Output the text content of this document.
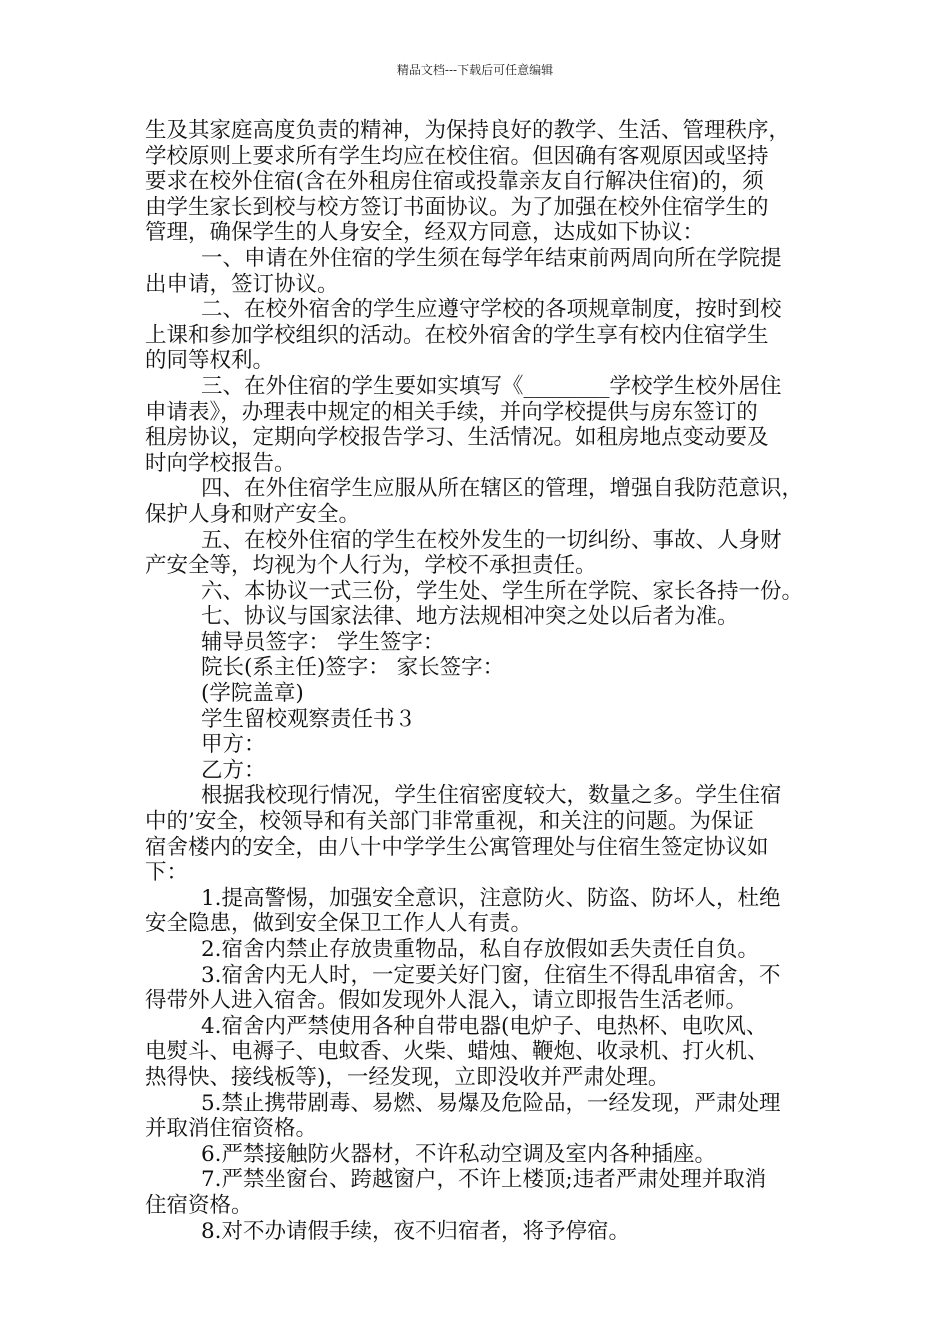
精品文档---下载后可任意编辑
生及其家庭高度负责的精神，为保持良好的教学、生活、管理秩序，
学校原则上要求所有学生均应在校住宿。但因确有客观原因或坚持
要求在校外住宿(含在外租房住宿或投靠亲友自行解决住宿)的，须
由学生家长到校与校方签订书面协议。为了加强在校外住宿学生的
管理，确保学生的人身安全，经双方同意，达成如下协议：
一、申请在外住宿的学生须在每学年结束前两周向所在学院提
出申请，签订协议。
二、在校外宿舍的学生应遵守学校的各项规章制度，按时到校
上课和参加学校组织的活动。在校外宿舍的学生享有校内住宿学生
的同等权利。
三、在外住宿的学生要如实填写《________学校学生校外居住
申请表》，办理表中规定的相关手续，并向学校提供与房东签订的
租房协议，定期向学校报告学习、生活情况。如租房地点变动要及
时向学校报告。
四、在外住宿学生应服从所在辖区的管理，增强自我防范意识，
保护人身和财产安全。
五、在校外住宿的学生在校外发生的一切纠纷、事故、人身财
产安全等，均视为个人行为，学校不承担责任。
六、本协议一式三份，学生处、学生所在学院、家长各持一份。
七、协议与国家法律、地方法规相冲突之处以后者为准。
辅导员签字： 学生签字：
院长(系主任)签字： 家长签字：
(学院盖章)
学生留校观察责任书３
甲方：
乙方：
根据我校现行情况，学生住宿密度较大，数量之多。学生住宿
中的’安全，校领导和有关部门非常重视，和关注的问题。为保证
宿舍楼内的安全，由八十中学学生公寓管理处与住宿生签定协议如
下：
1.提高警惕，加强安全意识，注意防火、防盗、防坏人，杜绝
安全隐患，做到安全保卫工作人人有责。
2.宿舍内禁止存放贵重物品，私自存放假如丢失责任自负。
3.宿舍内无人时，一定要关好门窗，住宿生不得乱串宿舍，不
得带外人进入宿舍。假如发现外人混入，请立即报告生活老师。
4.宿舍内严禁使用各种自带电器(电炉子、电热杯、电吹风、
电熨斗、电褥子、电蚊香、火柴、蜡烛、鞭炮、收录机、打火机、
热得快、接线板等)，一经发现，立即没收并严肃处理。
5.禁止携带剧毒、易燃、易爆及危险品，一经发现，严肃处理
并取消住宿资格。
6.严禁接触防火器材，不许私动空调及室内各种插座。
7.严禁坐窗台、跨越窗户，不许上楼顶;违者严肃处理并取消
住宿资格。
8.对不办请假手续，夜不归宿者，将予停宿。
